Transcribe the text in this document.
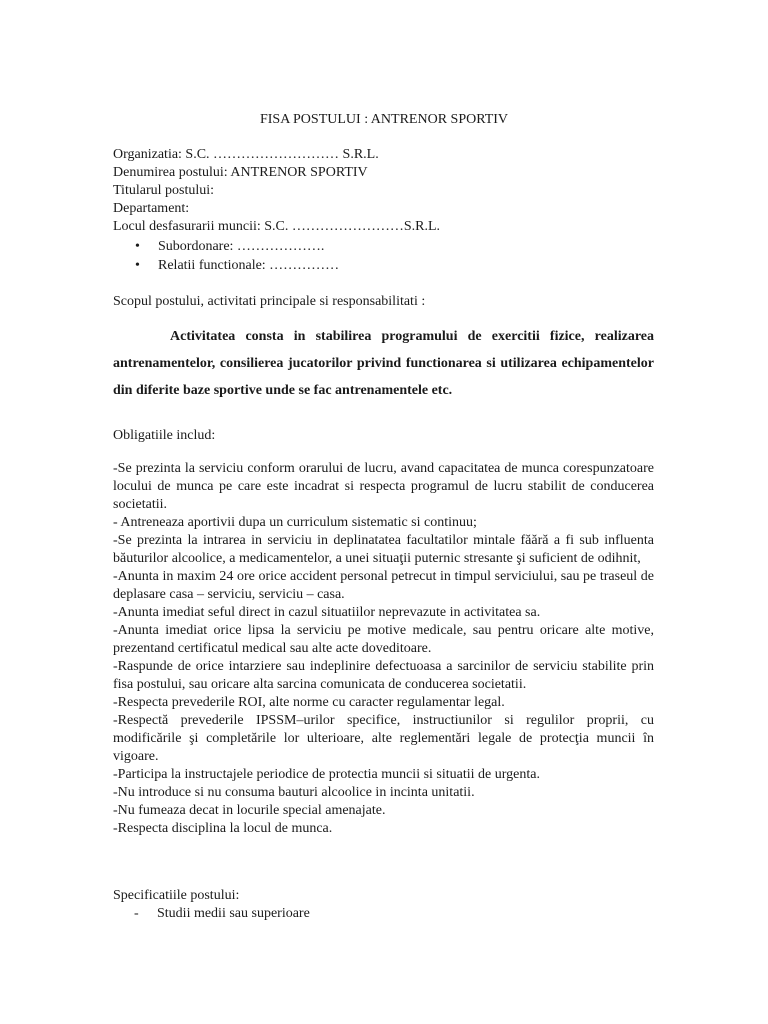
FISA POSTULUI : ANTRENOR SPORTIV
Organizatia: S.C. ……………………… S.R.L.
Denumirea postului: ANTRENOR SPORTIV
Titularul postului:
Departament:
Locul desfasurarii muncii: S.C. ……………………S.R.L.
• Subordonare: ……………….
• Relatii functionale: ……………
Scopul postului, activitati principale si responsabilitati :
Activitatea consta in stabilirea programului de exercitii fizice, realizarea antrenamentelor, consilierea jucatorilor privind functionarea si utilizarea echipamentelor din diferite baze sportive unde se fac antrenamentele etc.
Obligatiile includ:

-Se prezinta la serviciu conform orarului de lucru, avand capacitatea de munca corespunzatoare locului de munca pe care este incadrat si respecta programul de lucru stabilit de conducerea societatii.

- Antreneaza aportivii dupa un curriculum sistematic si continuu;

-Se prezinta la intrarea in serviciu in deplinatatea facultatilor mintale făără a fi sub influenta băuturilor alcoolice, a medicamentelor, a unei situaţii puternic stresante şi suficient de odihnit,

-Anunta in maxim 24 ore orice accident personal petrecut in timpul serviciului, sau pe traseul de deplasare casa – serviciu, serviciu – casa.

-Anunta imediat seful direct in cazul situatiilor neprevazute in activitatea sa.

-Anunta imediat orice lipsa la serviciu pe motive medicale, sau pentru oricare alte motive, prezentand certificatul medical sau alte acte doveditoare.

-Raspunde de orice intarziere sau indeplinire defectuoasa a sarcinilor de serviciu stabilite prin fisa postului, sau oricare alta sarcina comunicata de conducerea societatii.

-Respecta prevederile ROI, alte norme cu caracter regulamentar legal.

-Respectă prevederile IPSSM–urilor specifice, instructiunilor si regulilor proprii, cu modificările şi completările lor ulterioare, alte reglementări legale de protecţia muncii în vigoare.

-Participa la instructajele periodice de protectia muncii si situatii de urgenta.

-Nu introduce si nu consuma bauturi alcoolice in incinta unitatii.

-Nu fumeaza decat in locurile special amenajate.

-Respecta disciplina la locul de munca.

Specificatiile postului:
- Studii medii sau superioare
